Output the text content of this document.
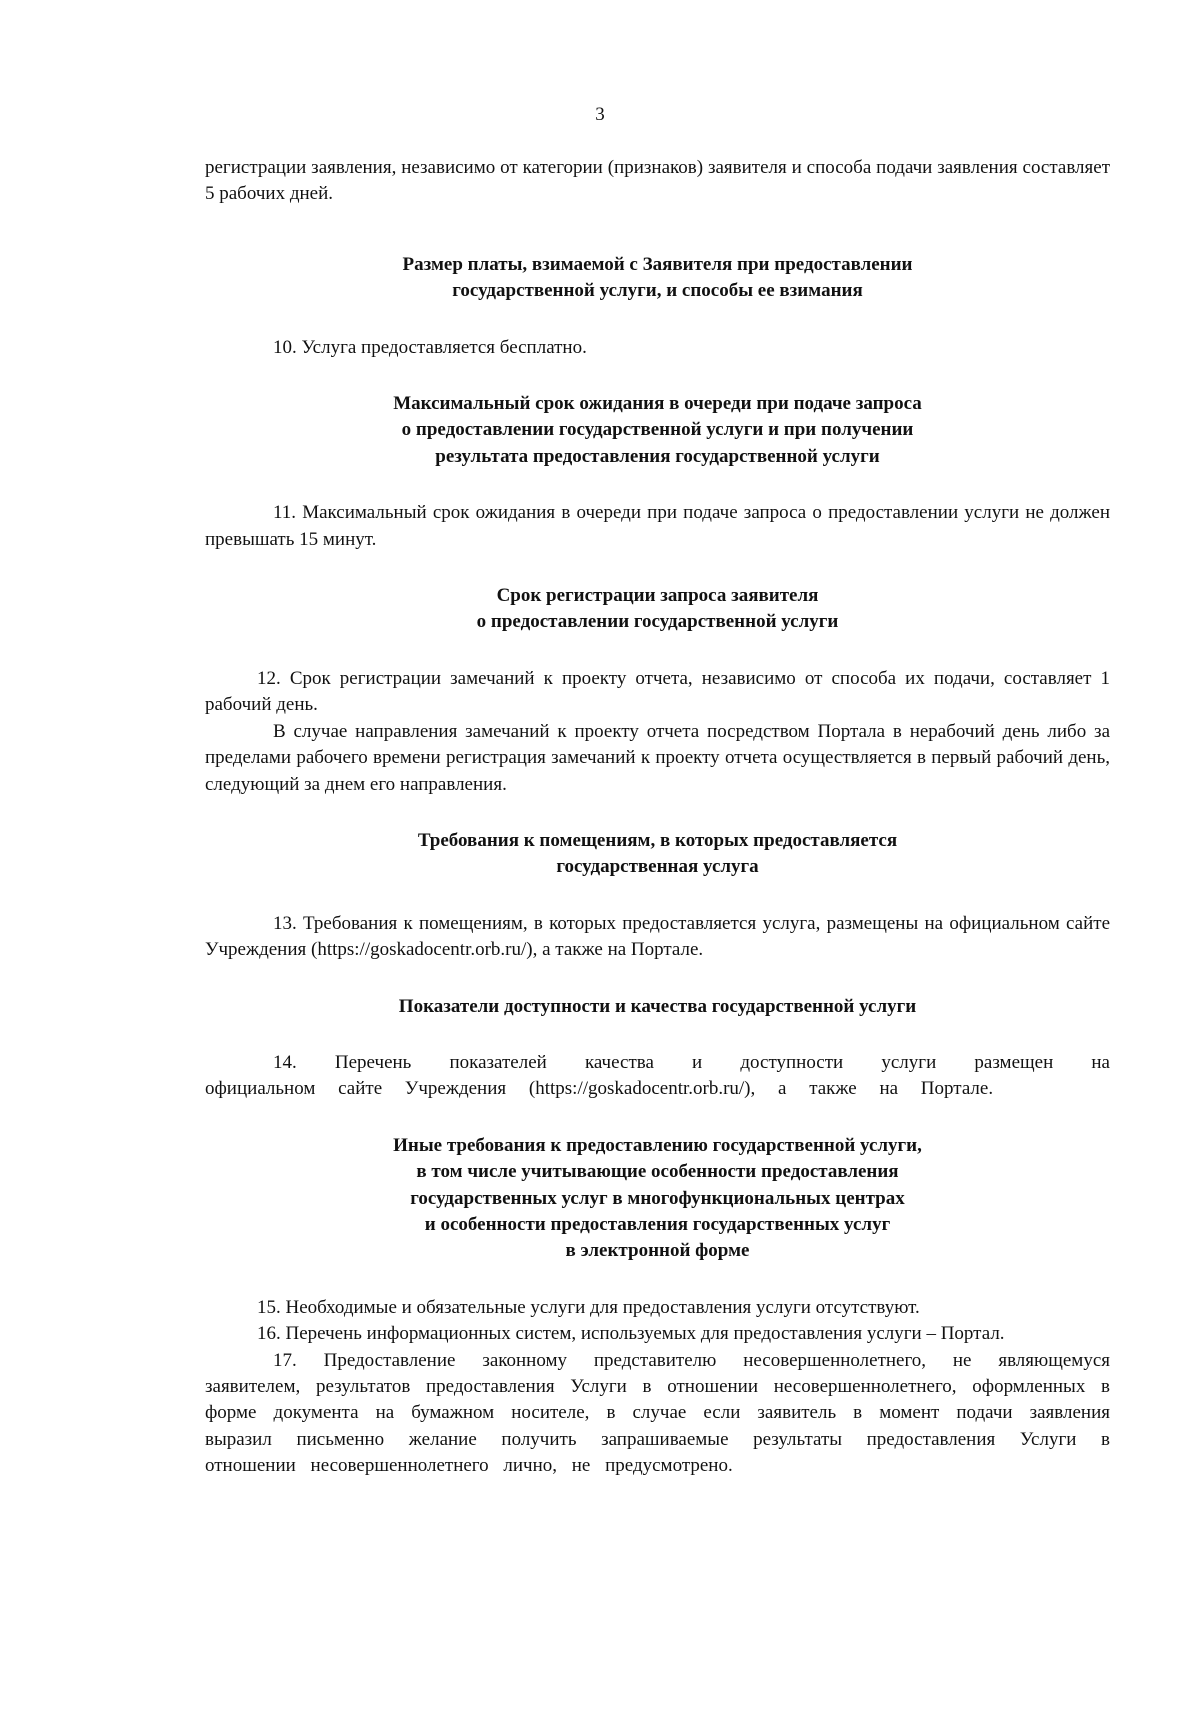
3

регистрации заявления, независимо от категории (признаков) заявителя и способа подачи заявления составляет 5 рабочих дней.

Размер платы, взимаемой с Заявителя при предоставлении
государственной услуги, и способы ее взимания

10. Услуга предоставляется бесплатно.

Максимальный срок ожидания в очереди при подаче запроса
о предоставлении государственной услуги и при получении
результата предоставления государственной услуги

11. Максимальный срок ожидания в очереди при подаче запроса о предоставлении услуги не должен превышать 15 минут.

Срок регистрации запроса заявителя
о предоставлении государственной услуги

12. Срок регистрации замечаний к проекту отчета, независимо от способа их подачи, составляет 1 рабочий день.

В случае направления замечаний к проекту отчета посредством Портала в нерабочий день либо за пределами рабочего времени регистрация замечаний к проекту отчета осуществляется в первый рабочий день, следующий за днем его направления.

Требования к помещениям, в которых предоставляется
государственная услуга

13. Требования к помещениям, в которых предоставляется услуга, размещены на официальном сайте Учреждения (https://goskadocentr.orb.ru/), а также на Портале.

Показатели доступности и качества государственной услуги

14. Перечень показателей качества и доступности услуги размещен на официальном сайте Учреждения (https://goskadocentr.orb.ru/), а также на Портале.

Иные требования к предоставлению государственной услуги,
в том числе учитывающие особенности предоставления
государственных услуг в многофункциональных центрах
и особенности предоставления государственных услуг
в электронной форме

15. Необходимые и обязательные услуги для предоставления услуги отсутствуют.

16. Перечень информационных систем, используемых для предоставления услуги – Портал.

17. Предоставление законному представителю несовершеннолетнего, не являющемуся заявителем, результатов предоставления Услуги в отношении несовершеннолетнего, оформленных в форме документа на бумажном носителе, в случае если заявитель в момент подачи заявления выразил письменно желание получить запрашиваемые результаты предоставления Услуги в отношении несовершеннолетнего лично, не предусмотрено.
